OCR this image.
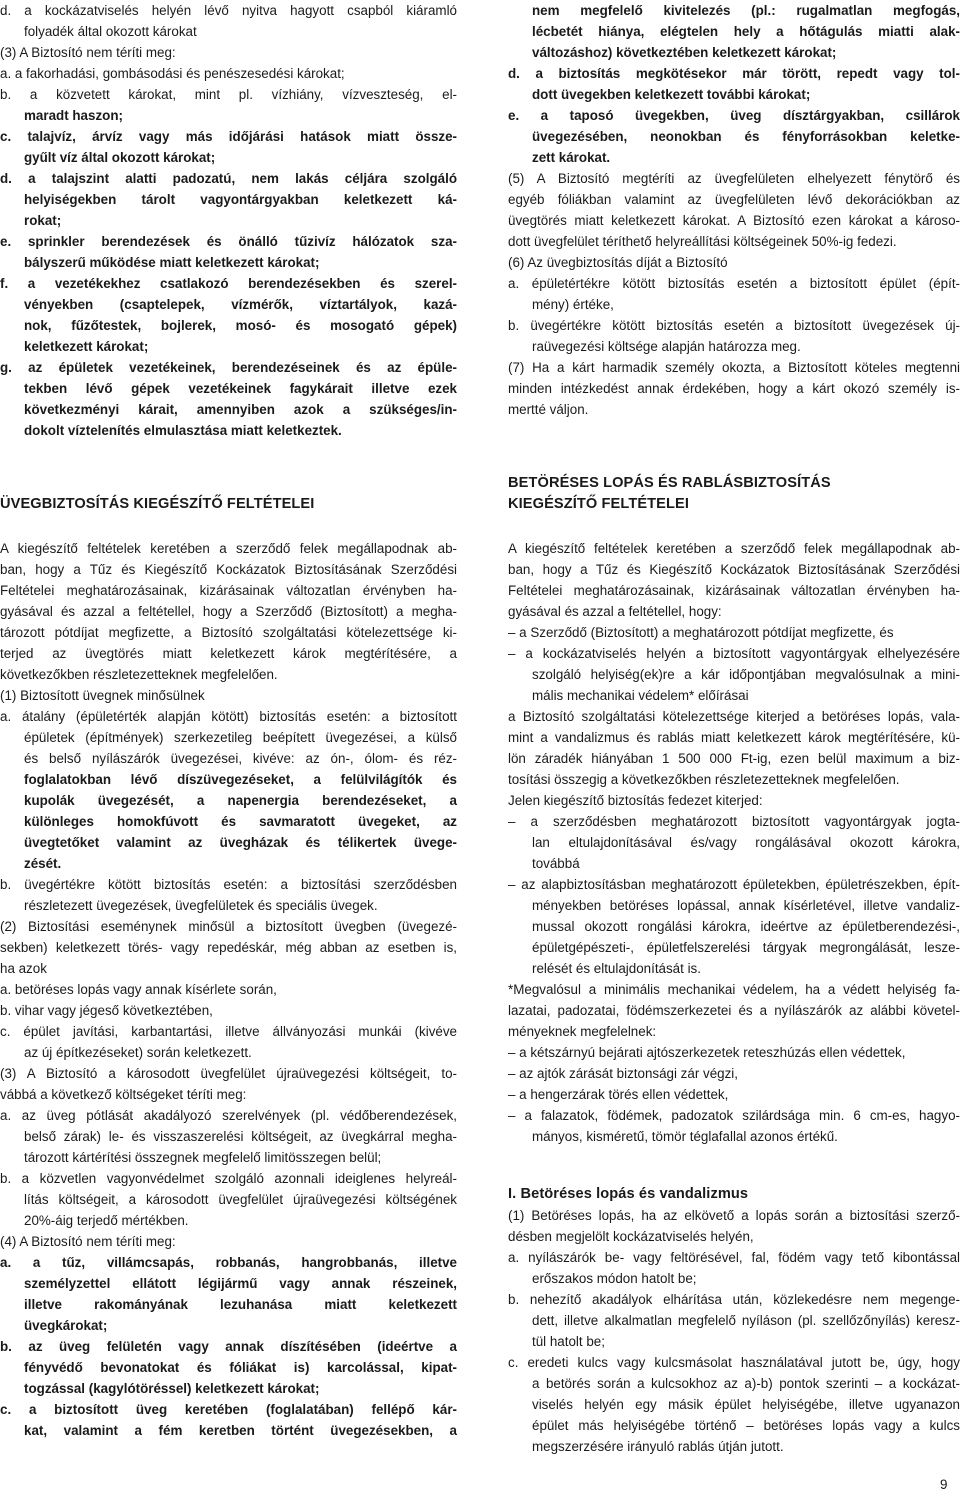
d. a kockázatviselés helyén lévő nyitva hagyott csapból kiáramló
folyadék által okozott károkat
(3) A Biztosító nem téríti meg:
a. a fakorhadási, gombásodási és penészesedési károkat;
b. a közvetett károkat, mint pl. vízhiány, vízveszteség, el-
maradt haszon;
c. talajvíz, árvíz vagy más időjárási hatások miatt össze-
gyűlt víz által okozott károkat;
d. a talajszint alatti padozatú, nem lakás céljára szolgáló
helyiségekben tárolt vagyontárgyakban keletkezett ká-
rokat;
e. sprinkler berendezések és önálló tűzivíz hálózatok sza-
bályszerű működése miatt keletkezett károkat;
f. a vezetékekhez csatlakozó berendezésekben és szerel-
vényekben (csaptelepek, vízmérők, víztartályok, kazá-
nok, fűzőtestek, bojlerek, mosó- és mosogató gépek)
keletkezett károkat;
g. az épületek vezetékeinek, berendezéseinek és az épüle-
tekben lévő gépek vezetékeinek fagykárait illetve ezek
következményi kárait, amennyiben azok a szükséges/in-
dokolt víztelenítés elmulasztása miatt keletkeztek.
ÜVEGBIZTOSÍTÁS KIEGÉSZÍTŐ FELTÉTELEI
A kiegészítő feltételek keretében a szerződő felek megállapodnak ab-
ban, hogy a Tűz és Kiegészítő Kockázatok Biztosításának Szerződési
Feltételei meghatározásainak, kizárásainak változatlan érvényben ha-
gyásával és azzal a feltétellel, hogy a Szerződő (Biztosított) a megha-
tározott pótdíjat megfizette, a Biztosító szolgáltatási kötelezettsége ki-
terjed az üvegtörés miatt keletkezett károk megtérítésére, a
következőkben részletezetteknek megfelelően.
(1) Biztosított üvegnek minősülnek
a. átalány (épületérték alapján kötött) biztosítás esetén: a biztosított
épületek (építmények) szerkezetileg beépített üvegezései, a külső
és belső nyílászárók üvegezései, kivéve: az ón-, ólom- és réz-
foglalatokban lévő díszüvegezéseket, a felülvilágítók és
kupolák üvegezését, a napenergia berendezéseket, a
különleges homokfúvott és savmaratott üvegeket, az
üvegtetőket valamint az üvegházak és télikertek üvege-
zését.
b. üvegértékre kötött biztosítás esetén: a biztosítási szerződésben
részletezett üvegezések, üvegfelületek és speciális üvegek.
(2) Biztosítási eseménynek minősül a biztosított üvegben (üvegezé-
sekben) keletkezett törés- vagy repedéskár, még abban az esetben is,
ha azok
a. betöréses lopás vagy annak kísérlete során,
b. vihar vagy jégeső következtében,
c. épület javítási, karbantartási, illetve állványozási munkái (kivéve
az új építkezéseket) során keletkezett.
(3) A Biztosító a károsodott üvegfelület újraüvegezési költségeit, to-
vábbá a következő költségeket téríti meg:
a. az üveg pótlását akadályozó szerelvények (pl. védőberendezések,
belső zárak) le- és visszaszerelési költségeit, az üvegkárral megha-
tározott kártérítési összegnek megfelelő limitösszegen belül;
b. a közvetlen vagyonvédelmet szolgáló azonnali ideiglenes helyreál-
lítás költségeit, a károsodott üvegfelület újraüvegezési költségének
20%-áig terjedő mértékben.
(4) A Biztosító nem téríti meg:
a. a tűz, villámcsapás, robbanás, hangrobbanás, illetve
személyzettel ellátott légijármű vagy annak részeinek,
illetve rakományának lezuhanása miatt keletkezett
üvegkárokat;
b. az üveg felületén vagy annak díszítésében (ideértve a
fényvédő bevonatokat és fóliákat is) karcolással, kipat-
togzással (kagylótöréssel) keletkezett károkat;
c. a biztosított üveg keretében (foglalatában) fellépő kár-
kat, valamint a fém keretben történt üvegezésekben, a
nem megfelelő kivitelezés (pl.: rugalmatlan megfogás,
lécbetét hiánya, elégtelen hely a hőtágulás miatti alak-
változáshoz) következtében keletkezett károkat;
d. a biztosítás megkötésekor már törött, repedt vagy tol-
dott üvegekben keletkezett további károkat;
e. a taposó üvegekben, üveg dísztárgyakban, csillárok
üvegezésében, neonokban és fényforrásokban keletke-
zett károkat.
(5) A Biztosító megtéríti az üvegfelületen elhelyezett fénytörő és
egyéb fóliákban valamint az üvegfelületen lévő dekorációkban az
üvegtörés miatt keletkezett károkat. A Biztosító ezen károkat a károso-
dott üvegfelület téríthető helyreállítási költségeinek 50%-ig fedezi.
(6) Az üvegbiztosítás díját a Biztosító
a. épületértékre kötött biztosítás esetén a biztosított épület (épít-
mény) értéke,
b. üvegértékre kötött biztosítás esetén a biztosított üvegezések új-
raüvegezési költsége alapján határozza meg.
(7) Ha a kárt harmadik személy okozta, a Biztosított köteles megtenni
minden intézkedést annak érdekében, hogy a kárt okozó személy is-
mertté váljon.
BETÖRÉSES LOPÁS ÉS RABLÁSBIZTOSÍTÁS
KIEGÉSZÍTŐ FELTÉTELEI
A kiegészítő feltételek keretében a szerződő felek megállapodnak ab-
ban, hogy a Tűz és Kiegészítő Kockázatok Biztosításának Szerződési
Feltételei meghatározásainak, kizárásainak változatlan érvényben ha-
gyásával és azzal a feltétellel, hogy:
– a Szerződő (Biztosított) a meghatározott pótdíjat megfizette, és
– a kockázatviselés helyén a biztosított vagyontárgyak elhelyezésére
szolgáló helyiség(ek)re a kár időpontjában megvalósulnak a mini-
mális mechanikai védelem* előírásai
a Biztosító szolgáltatási kötelezettsége kiterjed a betöréses lopás, vala-
mint a vandalizmus és rablás miatt keletkezett károk megtérítésére, kü-
lön záradék hiányában 1 500 000 Ft-ig, ezen belül maximum a biz-
tosítási összegig a következőkben részletezetteknek megfelelően.
Jelen kiegészítő biztosítás fedezet kiterjed:
– a szerződésben meghatározott biztosított vagyontárgyak jogta-
lan eltulajdonításával és/vagy rongálásával okozott károkra,
továbbá
– az alapbiztosításban meghatározott épületekben, épületrészekben, épít-
ményekben betöréses lopással, annak kísérletével, illetve vandaliz-
mussal okozott rongálási károkra, ideértve az épületberendezési-,
épületgépészeti-, épületfelszerelési tárgyak megrongálását, lesze-
relését és eltulajdonítását is.
*Megvalósul a minimális mechanikai védelem, ha a védett helyiség fa-
lazatai, padozatai, födémszerkezetei és a nyílászárók az alábbi követel-
ményeknek megfelelnek:
– a kétszárnyú bejárati ajtószerkezetek reteszhúzás ellen védettek,
– az ajtók zárását biztonsági zár végzi,
– a hengerzárak törés ellen védettek,
– a falazatok, födémek, padozatok szilárdsága min. 6 cm-es, hagyo-
mányos, kisméretű, tömör téglafallal azonos értékű.
I. Betöréses lopás és vandalizmus
(1) Betöréses lopás, ha az elkövető a lopás során a biztosítási szerző-
désben megjelölt kockázatviselés helyén,
a. nyílászárók be- vagy feltörésével, fal, födém vagy tető kibontással
erőszakos módon hatolt be;
b. nehezítő akadályok elhárítása után, közlekedésre nem megenge-
dett, illetve alkalmatlan megfelelő nyíláson (pl. szellőzőnyílás) keresz-
tül hatolt be;
c. eredeti kulcs vagy kulcsmásolat használatával jutott be, úgy, hogy
a betörés során a kulcsokhoz az a)-b) pontok szerinti – a kockázat-
viselés helyén egy másik épület helyiségébe, illetve ugyanazon
épület más helyiségébe történő – betöréses lopás vagy a kulcs
megszerzésére irányuló rablás útján jutott.
9
